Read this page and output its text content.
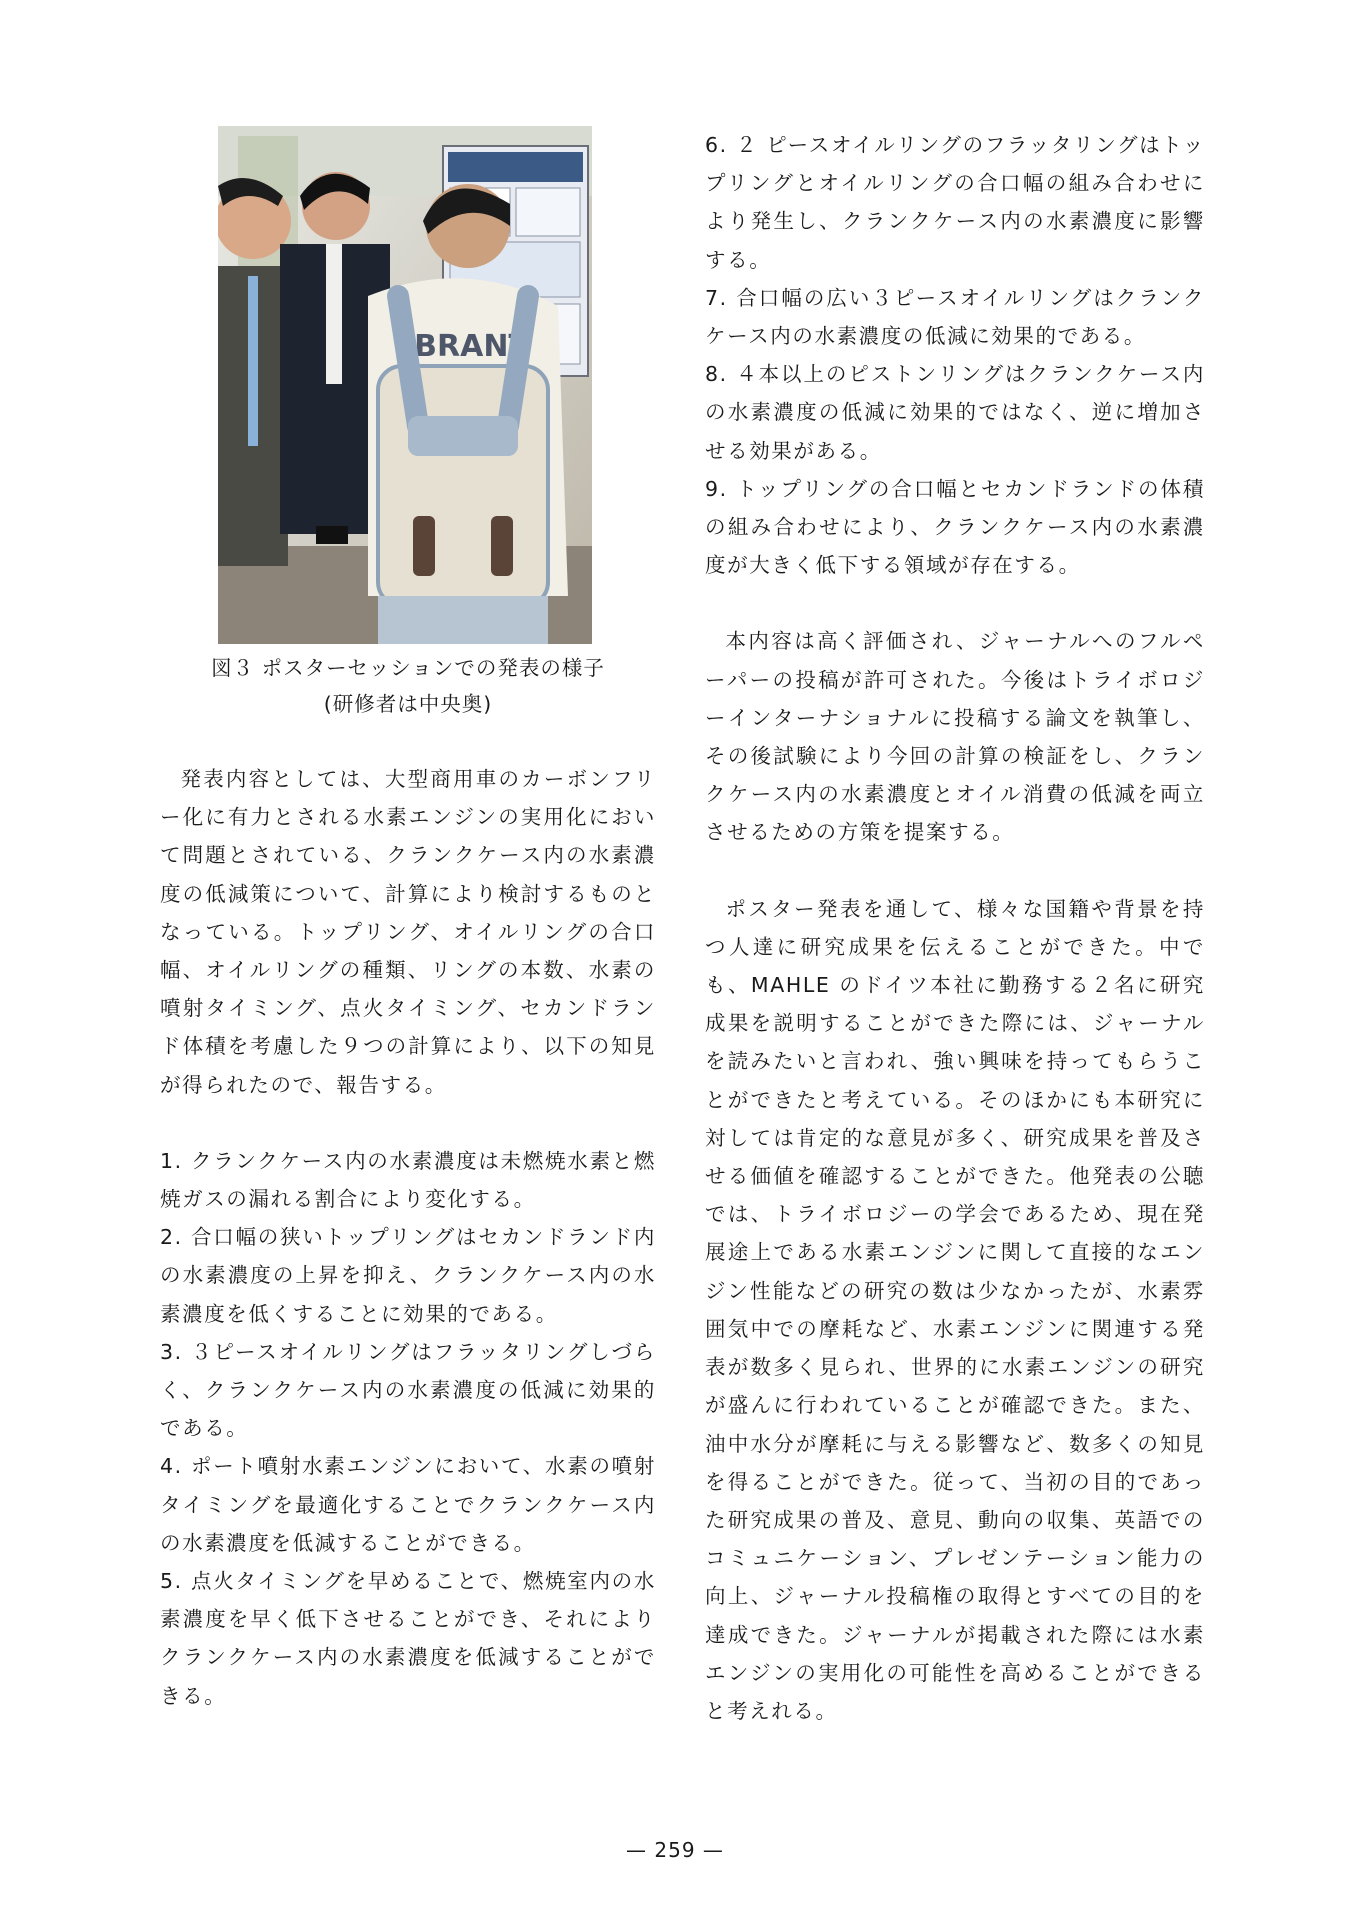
IBRANT
図３ ポスターセッションでの発表の様子
(研修者は中央奥)

発表内容としては、大型商用車のカーボンフリー化に有力とされる水素エンジンの実用化において問題とされている、クランクケース内の水素濃度の低減策について、計算により検討するものとなっている。トップリング、オイルリングの合口幅、オイルリングの種類、リングの本数、水素の噴射タイミング、点火タイミング、セカンドランド体積を考慮した９つの計算により、以下の知見が得られたので、報告する。

1. クランクケース内の水素濃度は未燃焼水素と燃焼ガスの漏れる割合により変化する。
2. 合口幅の狭いトップリングはセカンドランド内の水素濃度の上昇を抑え、クランクケース内の水素濃度を低くすることに効果的である。
3. ３ピースオイルリングはフラッタリングしづらく、クランクケース内の水素濃度の低減に効果的である。
4. ポート噴射水素エンジンにおいて、水素の噴射タイミングを最適化することでクランクケース内の水素濃度を低減することができる。
5. 点火タイミングを早めることで、燃焼室内の水素濃度を早く低下させることができ、それによりクランクケース内の水素濃度を低減することができる。
6. ２ ピースオイルリングのフラッタリングはトップリングとオイルリングの合口幅の組み合わせにより発生し、クランクケース内の水素濃度に影響する。
7. 合口幅の広い３ピースオイルリングはクランクケース内の水素濃度の低減に効果的である。
8. ４本以上のピストンリングはクランクケース内の水素濃度の低減に効果的ではなく、逆に増加させる効果がある。
9. トップリングの合口幅とセカンドランドの体積の組み合わせにより、クランクケース内の水素濃度が大きく低下する領域が存在する。

本内容は高く評価され、ジャーナルへのフルペーパーの投稿が許可された。今後はトライボロジーインターナショナルに投稿する論文を執筆し、その後試験により今回の計算の検証をし、クランクケース内の水素濃度とオイル消費の低減を両立させるための方策を提案する。

ポスター発表を通して、様々な国籍や背景を持つ人達に研究成果を伝えることができた。中でも、MAHLE のドイツ本社に勤務する２名に研究成果を説明することができた際には、ジャーナルを読みたいと言われ、強い興味を持ってもらうことができたと考えている。そのほかにも本研究に対しては肯定的な意見が多く、研究成果を普及させる価値を確認することができた。他発表の公聴では、トライボロジーの学会であるため、現在発展途上である水素エンジンに関して直接的なエンジン性能などの研究の数は少なかったが、水素雰囲気中での摩耗など、水素エンジンに関連する発表が数多く見られ、世界的に水素エンジンの研究が盛んに行われていることが確認できた。また、油中水分が摩耗に与える影響など、数多くの知見を得ることができた。従って、当初の目的であった研究成果の普及、意見、動向の収集、英語でのコミュニケーション、プレゼンテーション能力の向上、ジャーナル投稿権の取得とすべての目的を達成できた。ジャーナルが掲載された際には水素エンジンの実用化の可能性を高めることができると考えれる。

— 259 —
